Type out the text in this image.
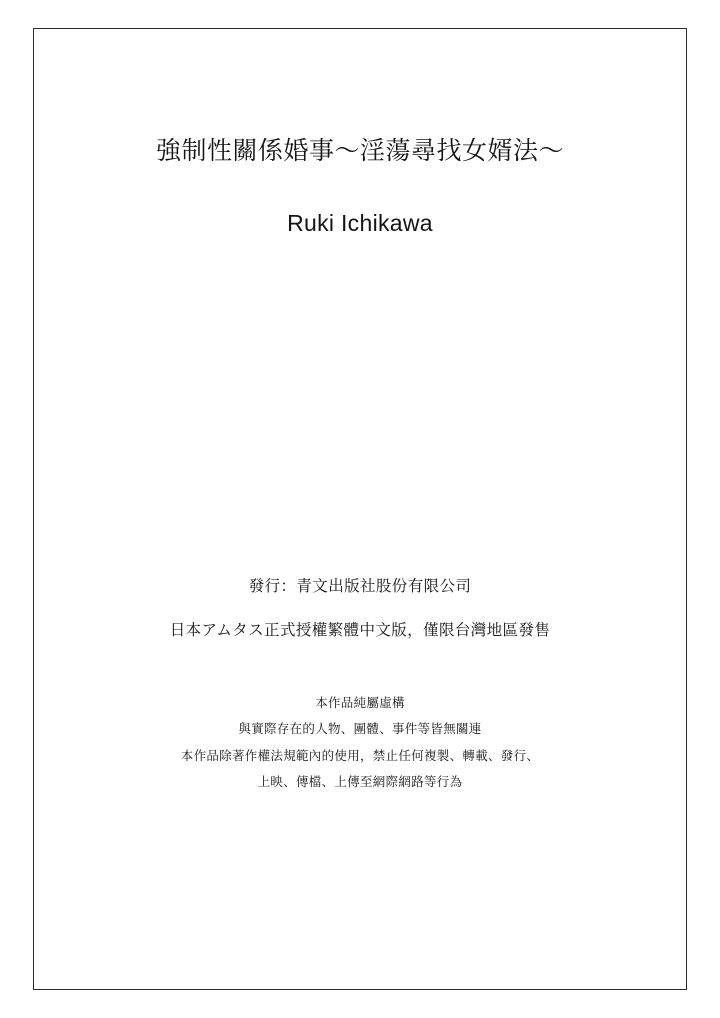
強制性關係婚事～淫蕩尋找女婿法～

Ruki Ichikawa

發行：青文出版社股份有限公司

日本アムタス正式授權繁體中文版，僅限台灣地區發售

本作品純屬虛構

與實際存在的人物、團體、事件等皆無關連

本作品除著作權法規範內的使用，禁止任何複製、轉載、發行、

上映、傳檔、上傳至網際網路等行為
